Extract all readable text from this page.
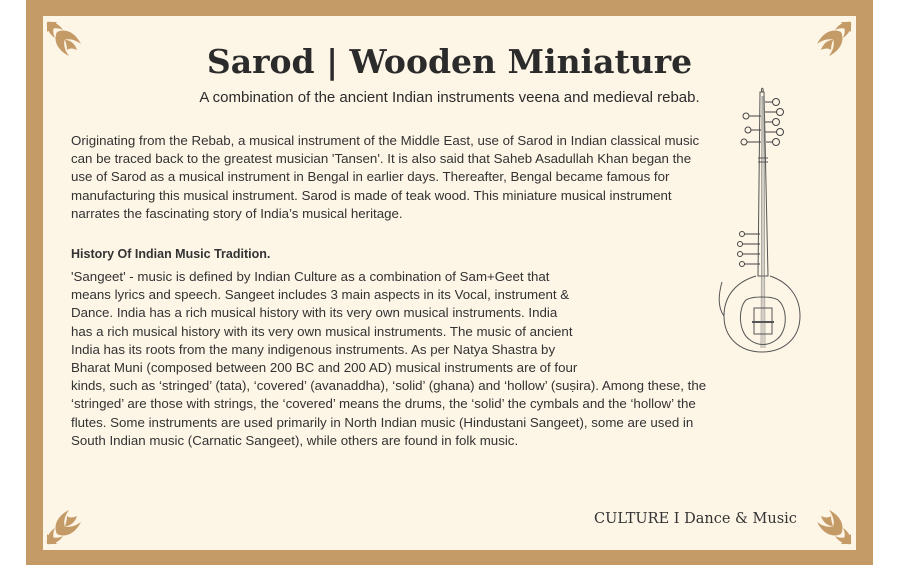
Sarod | Wooden Miniature
A combination of the ancient Indian instruments veena and medieval rebab.

Originating from the Rebab, a musical instrument of the Middle East, use of Sarod in Indian classical music can be traced back to the greatest musician 'Tansen'. It is also said that Saheb Asadullah Khan began the use of Sarod as a musical instrument in Bengal in earlier days. Thereafter, Bengal became famous for manufacturing this musical instrument. Sarod is made of teak wood. This miniature musical instrument narrates the fascinating story of India’s musical heritage.

History Of Indian Music Tradition.

'Sangeet' - music is defined by Indian Culture as a combination of Sam+Geet that
means lyrics and speech. Sangeet includes 3 main aspects in its Vocal, instrument &
Dance. India has a rich musical history with its very own musical instruments. India
has a rich musical history with its very own musical instruments. The music of ancient
India has its roots from the many indigenous instruments. As per Natya Shastra by
Bharat Muni (composed between 200 BC and 200 AD) musical instruments are of four
kinds, such as ‘stringed’ (tata), ‘covered’ (avanaddha), ‘solid’ (ghana) and ‘hollow’ (suṣira). Among these, the
‘stringed’ are those with strings, the ‘covered’ means the drums, the ‘solid’ the cymbals and the ‘hollow’ the
flutes. Some instruments are used primarily in North Indian music (Hindustani Sangeet), some are used in
South Indian music (Carnatic Sangeet), while others are found in folk music.

CULTURE I Dance & Music
